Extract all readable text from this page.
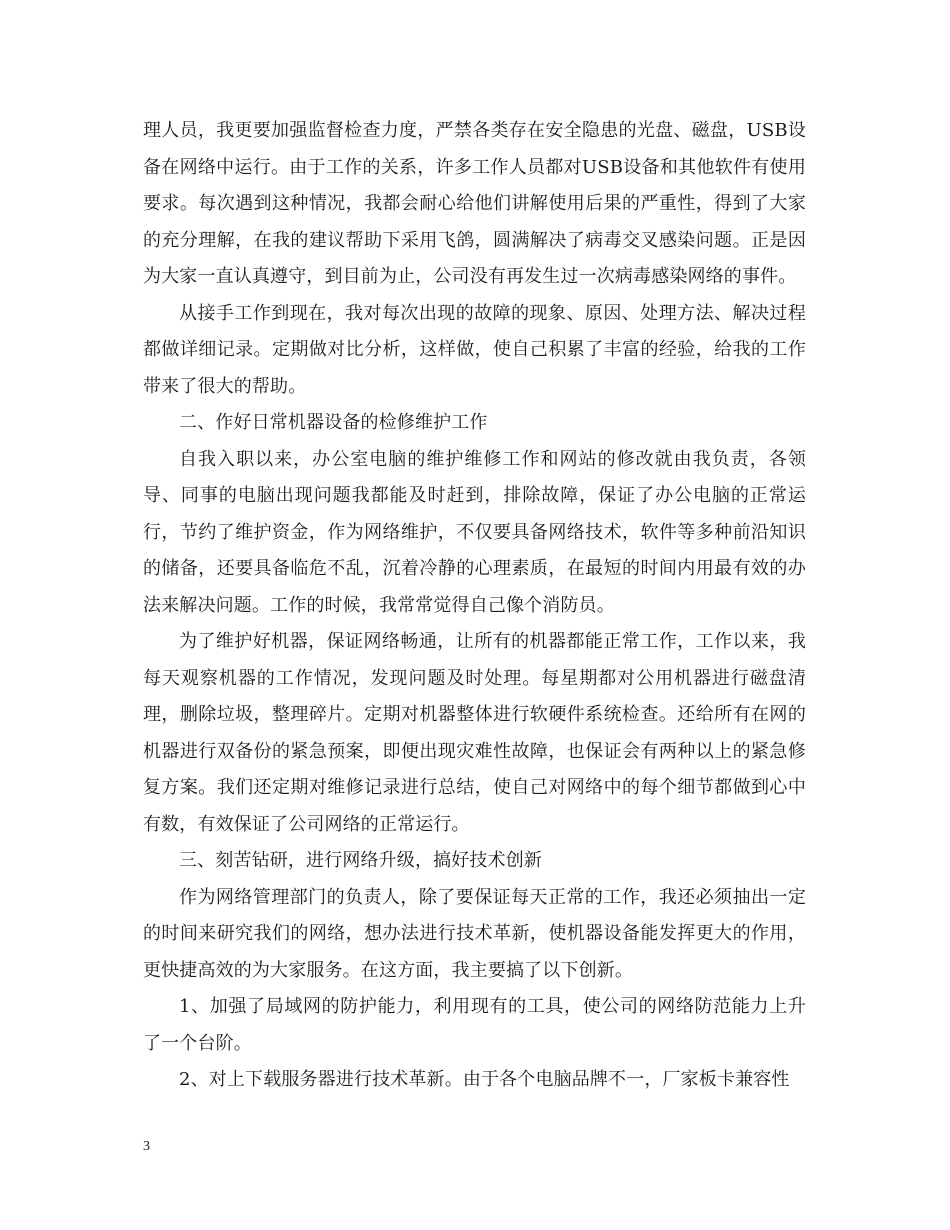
理人员，我更要加强监督检查力度，严禁各类存在安全隐患的光盘、磁盘，USB设备在网络中运行。由于工作的关系，许多工作人员都对USB设备和其他软件有使用要求。每次遇到这种情况，我都会耐心给他们讲解使用后果的严重性，得到了大家的充分理解，在我的建议帮助下采用飞鸽，圆满解决了病毒交叉感染问题。正是因为大家一直认真遵守，到目前为止，公司没有再发生过一次病毒感染网络的事件。

从接手工作到现在，我对每次出现的故障的现象、原因、处理方法、解决过程都做详细记录。定期做对比分析，这样做，使自己积累了丰富的经验，给我的工作带来了很大的帮助。

二、作好日常机器设备的检修维护工作

自我入职以来，办公室电脑的维护维修工作和网站的修改就由我负责，各领导、同事的电脑出现问题我都能及时赶到，排除故障，保证了办公电脑的正常运行，节约了维护资金，作为网络维护，不仅要具备网络技术，软件等多种前沿知识的储备，还要具备临危不乱，沉着冷静的心理素质，在最短的时间内用最有效的办法来解决问题。工作的时候，我常常觉得自己像个消防员。

为了维护好机器，保证网络畅通，让所有的机器都能正常工作，工作以来，我每天观察机器的工作情况，发现问题及时处理。每星期都对公用机器进行磁盘清理，删除垃圾，整理碎片。定期对机器整体进行软硬件系统检查。还给所有在网的机器进行双备份的紧急预案，即便出现灾难性故障，也保证会有两种以上的紧急修复方案。我们还定期对维修记录进行总结，使自己对网络中的每个细节都做到心中有数，有效保证了公司网络的正常运行。

三、刻苦钻研，进行网络升级，搞好技术创新

作为网络管理部门的负责人，除了要保证每天正常的工作，我还必须抽出一定的时间来研究我们的网络，想办法进行技术革新，使机器设备能发挥更大的作用，更快捷高效的为大家服务。在这方面，我主要搞了以下创新。

1、加强了局域网的防护能力，利用现有的工具，使公司的网络防范能力上升了一个台阶。

2、对上下载服务器进行技术革新。由于各个电脑品牌不一，厂家板卡兼容性

3
